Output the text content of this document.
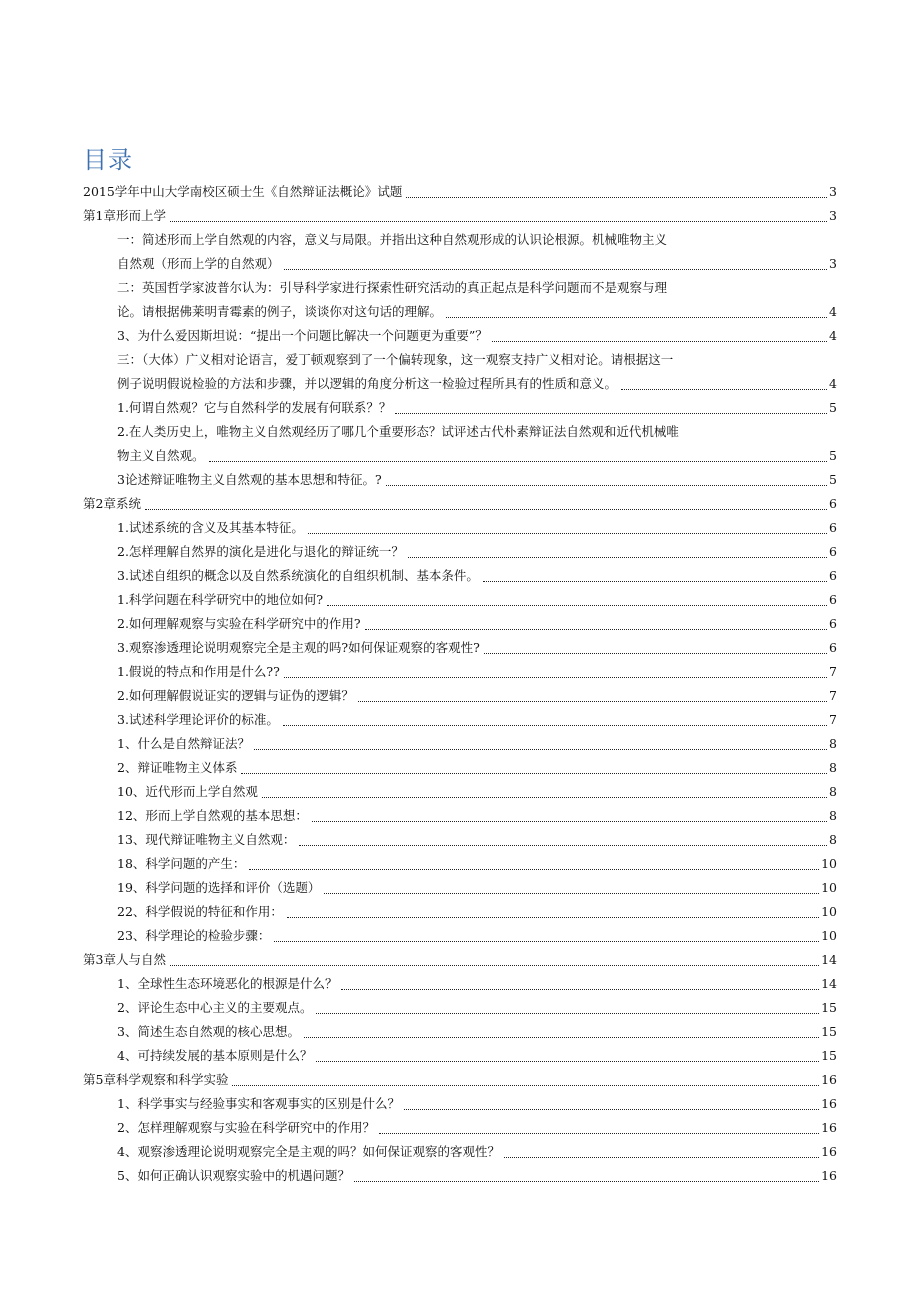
目录
2015学年中山大学南校区硕士生《自然辩证法概论》试题	3
第1章形而上学	3
一：简述形而上学自然观的内容，意义与局限。并指出这种自然观形成的认识论根源。机械唯物主义
自然观（形而上学的自然观）	3
二：英国哲学家波普尔认为：引导科学家进行探索性研究活动的真正起点是科学问题而不是观察与理
论。请根据佛莱明青霉素的例子，谈谈你对这句话的理解。	4
3、为什么爱因斯坦说：“提出一个问题比解决一个问题更为重要”？	4
三：（大体）广义相对论语言，爱丁顿观察到了一个偏转现象，这一观察支持广义相对论。请根据这一
例子说明假说检验的方法和步骤，并以逻辑的角度分析这一检验过程所具有的性质和意义。	4
1.何谓自然观？它与自然科学的发展有何联系？？	5
2.在人类历史上，唯物主义自然观经历了哪几个重要形态？试评述古代朴素辩证法自然观和近代机械唯
物主义自然观。	5
3论述辩证唯物主义自然观的基本思想和特征。?	5
第2章系统	6
1.试述系统的含义及其基本特征。	6
2.怎样理解自然界的演化是进化与退化的辩证统一？	6
3.试述自组织的概念以及自然系统演化的自组织机制、基本条件。	6
1.科学问题在科学研究中的地位如何?	6
2.如何理解观察与实验在科学研究中的作用?	6
3.观察渗透理论说明观察完全是主观的吗?如何保证观察的客观性?	6
1.假说的特点和作用是什么??	7
2.如何理解假说证实的逻辑与证伪的逻辑？	7
3.试述科学理论评价的标准。	7
1、什么是自然辩证法？	8
2、辩证唯物主义体系	8
10、近代形而上学自然观	8
12、形而上学自然观的基本思想：	8
13、现代辩证唯物主义自然观：	8
18、科学问题的产生：	10
19、科学问题的选择和评价（选题）	10
22、科学假说的特征和作用：	10
23、科学理论的检验步骤：	10
第3章人与自然	14
1、全球性生态环境恶化的根源是什么？	14
2、评论生态中心主义的主要观点。	15
3、简述生态自然观的核心思想。	15
4、可持续发展的基本原则是什么？	15
第5章科学观察和科学实验	16
1、科学事实与经验事实和客观事实的区别是什么？	16
2、怎样理解观察与实验在科学研究中的作用？	16
4、观察渗透理论说明观察完全是主观的吗？如何保证观察的客观性？	16
5、如何正确认识观察实验中的机遇问题？	16
